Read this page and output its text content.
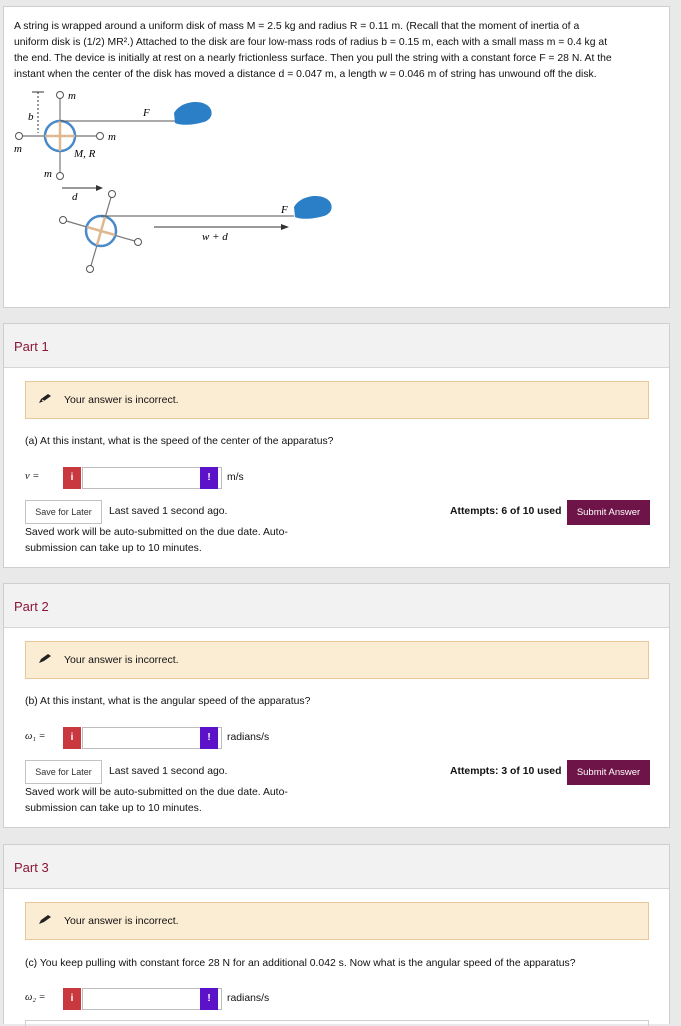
A string is wrapped around a uniform disk of mass M = 2.5 kg and radius R = 0.11 m. (Recall that the moment of inertia of a
uniform disk is (1/2) MR².) Attached to the disk are four low-mass rods of radius b = 0.15 m, each with a small mass m = 0.4 kg at
the end. The device is initially at rest on a nearly frictionless surface. Then you pull the string with a constant force F = 28 N. At the
instant when the center of the disk has moved a distance d = 0.047 m, a length w = 0.046 m of string has unwound off the disk.
m
b	F
m
m	M, R
m
d
F
w + d
Part 1
Your answer is incorrect.
(a) At this instant, what is the speed of the center of the apparatus?
v =	i	!	m/s
Save for Later	Last saved 1 second ago.	Attempts: 6 of 10 used	Submit Answer
Saved work will be auto-submitted on the due date. Auto-
submission can take up to 10 minutes.
Part 2
Your answer is incorrect.
(b) At this instant, what is the angular speed of the apparatus?
ω₁ =	i	!	radians/s
Save for Later	Last saved 1 second ago.	Attempts: 3 of 10 used	Submit Answer
Saved work will be auto-submitted on the due date. Auto-
submission can take up to 10 minutes.
Part 3
Your answer is incorrect.
(c) You keep pulling with constant force 28 N for an additional 0.042 s. Now what is the angular speed of the apparatus?
ω₂ =	i	!	radians/s
